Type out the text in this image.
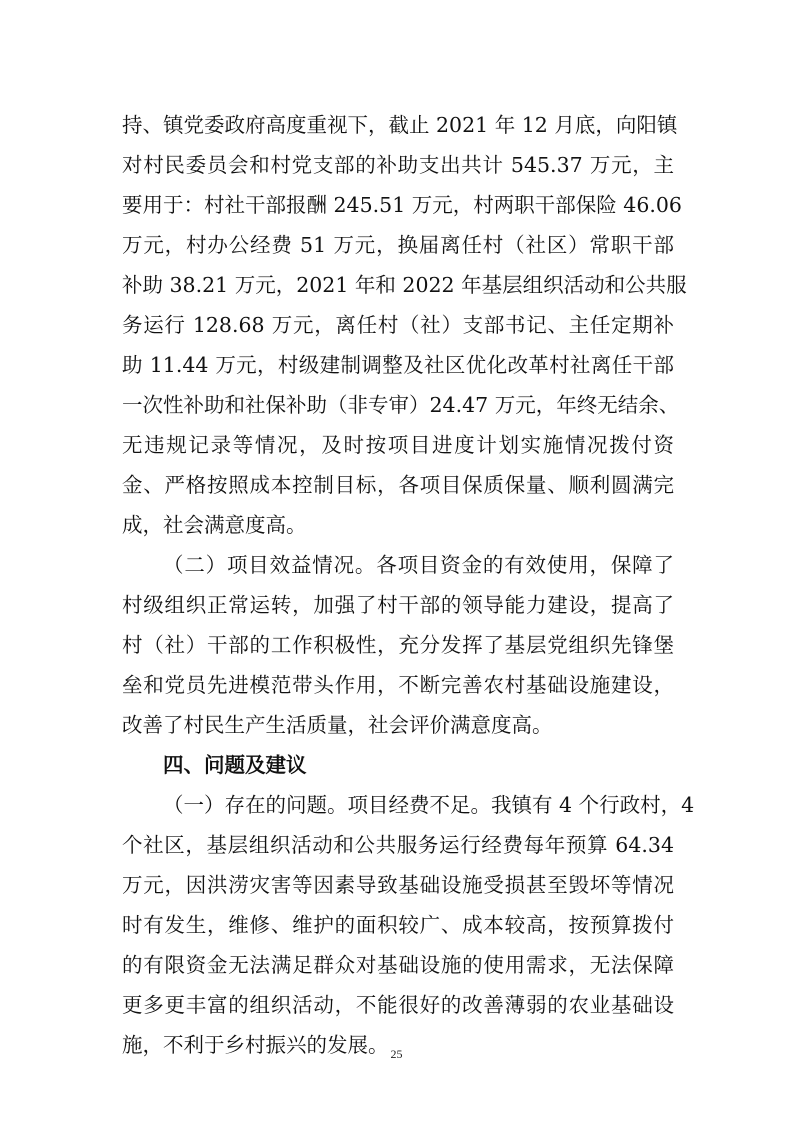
持、镇党委政府高度重视下，截止 2021 年 12 月底，向阳镇
对村民委员会和村党支部的补助支出共计 545.37 万元，主
要用于：村社干部报酬 245.51 万元，村两职干部保险 46.06
万元，村办公经费 51 万元，换届离任村（社区）常职干部
补助 38.21 万元，2021 年和 2022 年基层组织活动和公共服
务运行 128.68 万元，离任村（社）支部书记、主任定期补
助 11.44 万元，村级建制调整及社区优化改革村社离任干部
一次性补助和社保补助（非专审）24.47 万元，年终无结余、
无违规记录等情况，及时按项目进度计划实施情况拨付资
金、严格按照成本控制目标，各项目保质保量、顺利圆满完
成，社会满意度高。
（二）项目效益情况。各项目资金的有效使用，保障了
村级组织正常运转，加强了村干部的领导能力建设，提高了
村（社）干部的工作积极性，充分发挥了基层党组织先锋堡
垒和党员先进模范带头作用，不断完善农村基础设施建设，
改善了村民生产生活质量，社会评价满意度高。
四、问题及建议
（一）存在的问题。项目经费不足。我镇有 4 个行政村，4
个社区，基层组织活动和公共服务运行经费每年预算 64.34
万元，因洪涝灾害等因素导致基础设施受损甚至毁坏等情况
时有发生，维修、维护的面积较广、成本较高，按预算拨付
的有限资金无法满足群众对基础设施的使用需求，无法保障
更多更丰富的组织活动，不能很好的改善薄弱的农业基础设
施，不利于乡村振兴的发展。 25
